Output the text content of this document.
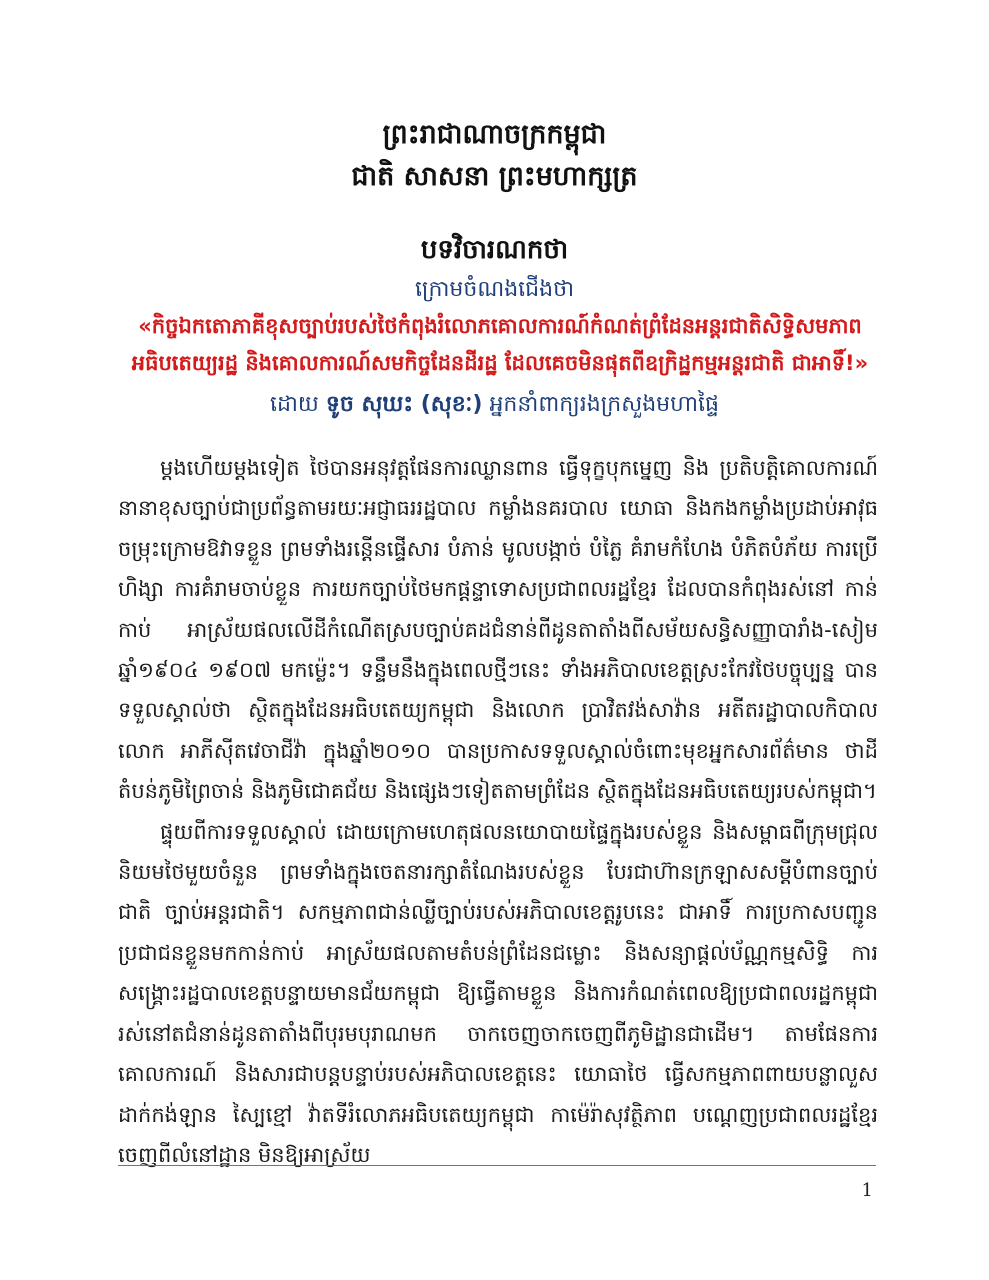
ព្រះរាជាណាចក្រកម្ពុជា
ជាតិ សាសនា ព្រះមហាក្សត្រ
បទវិចារណកថា
ក្រោមចំណងជើងថា
«កិច្ចឯកតោភាគីខុសច្បាប់របស់ថៃកំពុងរំលោភគោលការណ៍កំណត់ព្រំដែនអន្តរជាតិសិទ្ធិសមភាព
អធិបតេយ្យរដ្ឋ និងគោលការណ៍សមកិច្ចដែនដីរដ្ឋ ដែលគេចមិនផុតពីឧក្រិដ្ឋកម្មអន្តរជាតិ ជាអាទិ៍!»
ដោយ ទូច សុឃះ (សុខៈ) អ្នកនាំពាក្យរងក្រសួងមហាផ្ទៃ

ម្តងហើយម្តងទៀត ថៃបានអនុវត្តផែនការឈ្លានពាន ធ្វើទុក្ខបុកម្នេញ និង ប្រតិបត្តិគោលការណ៍នានាខុសច្បាប់ជាប្រព័ន្ធតាមរយៈអជ្ញាធររដ្ឋបាល កម្លាំងនគរបាល យោធា និងកងកម្លាំងប្រដាប់អាវុធចម្រុះក្រោមឱវាទខ្លួន ព្រមទាំងរន្តើនផ្ទើសារ បំភាន់ មូលបង្កាច់ បំភ្លៃ គំរាមកំហែង បំភិតបំភ័យ ការប្រើហិង្សា ការគំរាមចាប់ខ្លួន ការយកច្បាប់ថៃមកផ្តន្ទាទោសប្រជាពលរដ្ឋខ្មែរ ដែលបានកំពុងរស់នៅ កាន់កាប់ អាស្រ័យផលលើដីកំណើតស្របច្បាប់គដជំនាន់ពីដូនតាតាំងពីសម័យសន្ធិសញ្ញាបារាំង-សៀមឆ្នាំ១៩០៤ ១៩០៧ មកម្ល៉េះ។ ទន្ទឹមនឹងក្នុងពេលថ្មីៗនេះ ទាំងអភិបាលខេត្តស្រះកែវថៃបច្ចុប្បន្ន បានទទួលស្គាល់ថា ស្ថិតក្នុងដែនអធិបតេយ្យកម្ពុជា និងលោក ប្រាវិតវង់សាវ៉ាន អតីតរដ្ឋាបាលកិបាលលោក អាភីស៊ីតវេចាជីវ៉ា ក្នុងឆ្នាំ២០១០ បានប្រកាសទទួលស្គាល់ចំពោះមុខអ្នកសារព័ត៌មាន ថាដីតំបន់ភូមិព្រៃចាន់ និងភូមិជោគជ័យ និងផ្សេងៗទៀតតាមព្រំដែន ស្ថិតក្នុងដែនអធិបតេយ្យរបស់កម្ពុជា។

ផ្ទុយពីការទទួលស្គាល់ ដោយក្រោមហេតុផលនយោបាយផ្ទៃក្នុងរបស់ខ្លួន និងសម្ពាធពីក្រុមជ្រុលនិយមថៃមួយចំនួន ព្រមទាំងក្នុងចេតនារក្សាតំណែងរបស់ខ្លួន បែរជាហ៊ានក្រឡាសសម្តីបំពានច្បាប់ជាតិ ច្បាប់អន្តរជាតិ។ សកម្មភាពជាន់ឈ្លីច្បាប់របស់អភិបាលខេត្តរូបនេះ ជាអាទិ៍ ការប្រកាសបញ្ជូនប្រជាជនខ្លួនមកកាន់កាប់ អាស្រ័យផលតាមតំបន់ព្រំដែនជម្លោះ និងសន្យាផ្តល់ប័ណ្ណកម្មសិទ្ធិ ការសង្រ្គោះរដ្ឋបាលខេត្តបន្ទាយមានជ័យកម្ពុជា ឱ្យធ្វើតាមខ្លួន និងការកំណត់ពេលឱ្យប្រជាពលរដ្ឋកម្ពុជារស់នៅតជំនាន់ដូនតាតាំងពីបុរមបុរាណមក ចាកចេញចាកចេញពីភូមិដ្ឋានជាដើម។ តាមផែនការ គោលការណ៍ និងសារជាបន្តបន្ទាប់របស់អភិបាលខេត្តនេះ យោធាថៃ ធ្វើសកម្មភាពពាយបន្លាលួស ដាក់កង់ឡាន ស្បៃខ្មៅ វ៉ាតទីរំលោភអធិបតេយ្យកម្ពុជា កាម៉េរ៉ាសុវត្ថិភាព បណ្តេញប្រជាពលរដ្ឋខ្មែរចេញពីលំនៅដ្ឋាន មិនឱ្យអាស្រ័យ

1
